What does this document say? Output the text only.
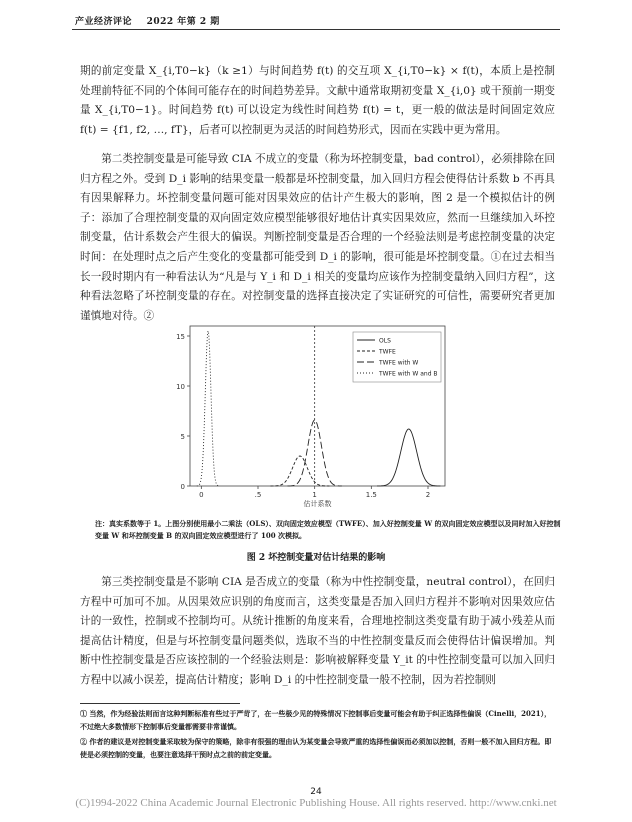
产业经济评论 2022 年第 2 期

期的前定变量 X_{i,T0−k}（k ≥1）与时间趋势 f(t) 的交互项 X_{i,T0−k} × f(t)，本质上是控制处理前特征不同的个体间可能存在的时间趋势差异。文献中通常取期初变量 X_{i,0} 或干预前一期变量 X_{i,T0−1}。时间趋势 f(t) 可以设定为线性时间趋势 f(t) = t，更一般的做法是时间固定效应 f(t) = {f1, f2, …, fT}，后者可以控制更为灵活的时间趋势形式，因而在实践中更为常用。

第二类控制变量是可能导致 CIA 不成立的变量（称为坏控制变量，bad control），必须排除在回归方程之外。受到 D_i 影响的结果变量一般都是坏控制变量，加入回归方程会使得估计系数 b 不再具有因果解释力。坏控制变量问题可能对因果效应的估计产生极大的影响，图 2 是一个模拟估计的例子：添加了合理控制变量的双向固定效应模型能够很好地估计真实因果效应，然而一旦继续加入坏控制变量，估计系数会产生很大的偏误。判断控制变量是否合理的一个经验法则是考虑控制变量的决定时间：在处理时点之后产生变化的变量都可能受到 D_i 的影响，很可能是坏控制变量。①在过去相当长一段时期内有一种看法认为“凡是与 Y_i 和 D_i 相关的变量均应该作为控制变量纳入回归方程”，这种看法忽略了坏控制变量的存在。对控制变量的选择直接决定了实证研究的可信性，需要研究者更加谨慎地对待。②

0
5
10
15
0	.5	1	1.5	2
估计系数
OLS
TWFE
TWFE with W
TWFE with W and B
注：真实系数等于 1。上图分别使用最小二乘法（OLS）、双向固定效应模型（TWFE）、加入好控制变量 W 的双向固定效应模型以及同时加入好控制变量 W 和坏控制变量 B 的双向固定效应模型进行了 100 次模拟。
图 2 坏控制变量对估计结果的影响

第三类控制变量是不影响 CIA 是否成立的变量（称为中性控制变量，neutral control），在回归方程中可加可不加。从因果效应识别的角度而言，这类变量是否加入回归方程并不影响对因果效应估计的一致性，控制或不控制均可。从统计推断的角度来看，合理地控制这类变量有助于减小残差从而提高估计精度，但是与坏控制变量问题类似，选取不当的中性控制变量反而会使得估计偏误增加。判断中性控制变量是否应该控制的一个经验法则是：影响被解释变量 Y_it 的中性控制变量可以加入回归方程中以减小误差，提高估计精度；影响 D_i 的中性控制变量一般不控制，因为若控制则

① 当然，作为经验法则而言这种判断标准有些过于严苛了，在一些极少见的特殊情况下控制事后变量可能会有助于纠正选择性偏误（Cinelli，2021），不过绝大多数情形下控制事后变量都需要非常谨慎。

② 作者的建议是对控制变量采取较为保守的策略，除非有很强的理由认为某变量会导致严重的选择性偏误而必须加以控制，否则一般不加入回归方程。即使是必须控制的变量，也要注意选择干预时点之前的前定变量。

24
(C)1994-2022 China Academic Journal Electronic Publishing House. All rights reserved. http://www.cnki.net
